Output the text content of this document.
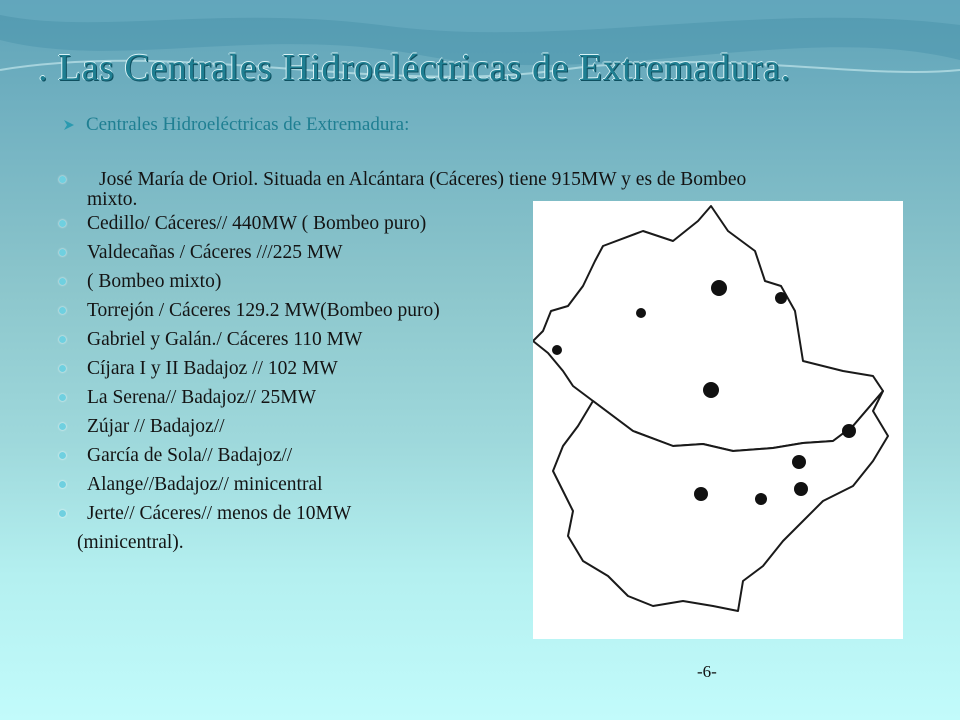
. Las Centrales Hidroeléctricas de Extremadura.
Centrales Hidroeléctricas de Extremadura:
José María de Oriol. Situada en Alcántara (Cáceres) tiene 915MW y es de Bombeo

mixto.
Cedillo/ Cáceres// 440MW ( Bombeo puro)
Valdecañas / Cáceres ///225 MW
( Bombeo mixto)
Torrejón / Cáceres 129.2 MW(Bombeo puro)
Gabriel y Galán./ Cáceres 110 MW
Cíjara I y II Badajoz // 102 MW
La Serena// Badajoz// 25MW
Zújar // Badajoz//
García de Sola// Badajoz//
Alange//Badajoz// minicentral
Jerte// Cáceres// menos de 10MW
(minicentral).
-6-
